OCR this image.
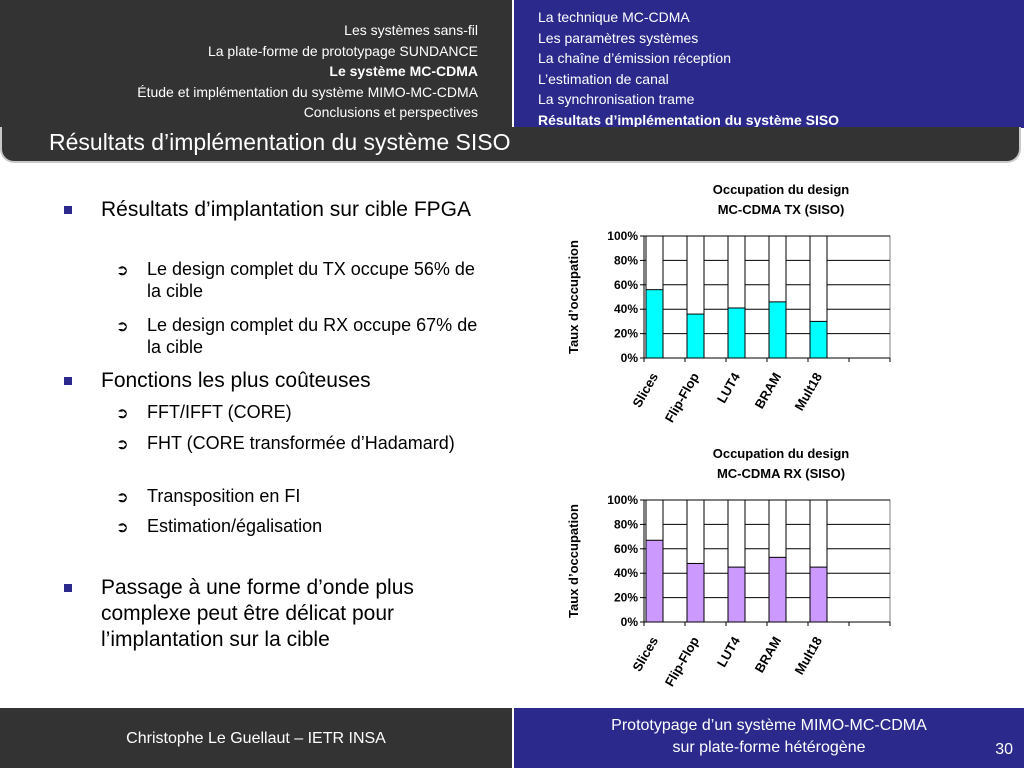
Les systèmes sans-fil
La plate-forme de prototypage SUNDANCE
Le système MC-CDMA
Étude et implémentation du système MIMO-MC-CDMA
Conclusions et perspectives
La technique MC-CDMA
Les paramètres systèmes
La chaîne d’émission réception
L’estimation de canal
La synchronisation trame
Résultats d’implémentation du système SISO
Résultats d’implémentation du système SISO
Résultats d’implantation sur cible FPGA
➲ Le design complet du TX occupe 56% de la cible
➲ Le design complet du RX occupe 67% de la cible
Fonctions les plus coûteuses
➲ FFT/IFFT (CORE)
➲ FHT (CORE transformée d’Hadamard)
➲ Transposition en FI
➲ Estimation/égalisation
Passage à une forme d’onde plus complexe peut être délicat pour l’implantation sur la cible
Occupation du design
MC-CDMA TX (SISO)
0%
20%
40%
60%
80%
100%
Taux d’occupation
Slices Flip-Flop LUT4 BRAM Mult18
Occupation du design
MC-CDMA RX (SISO)
0%
20%
40%
60%
80%
100%
Taux d’occupation
Slices Flip-Flop LUT4 BRAM Mult18
Christophe Le Guellaut – IETR INSA
Prototypage d’un système MIMO-MC-CDMA
sur plate-forme hétérogène	30
